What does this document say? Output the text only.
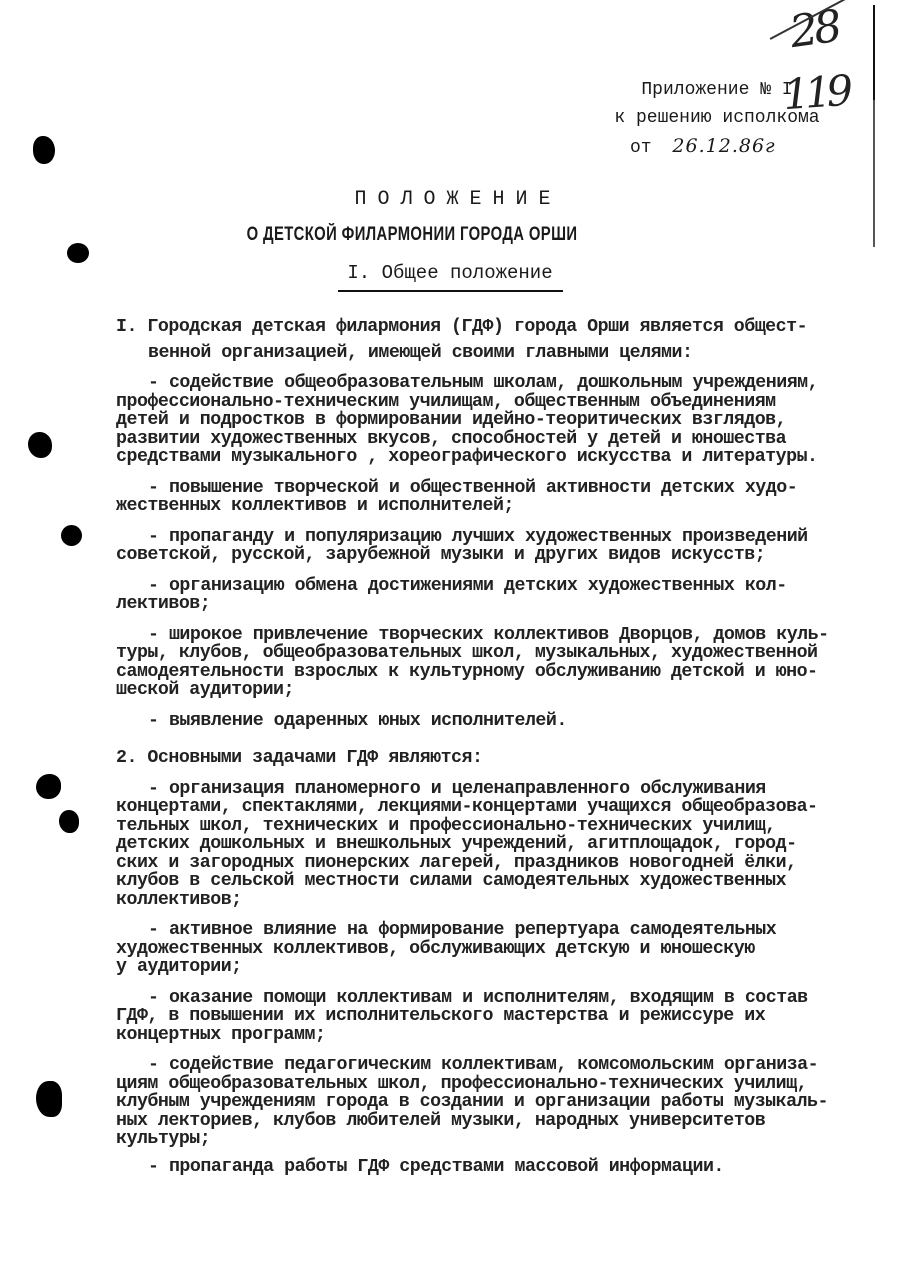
28
119
Приложение № I
к решению исполкома
от 26.12.86г
ПОЛОЖЕНИЕ
О ДЕТСКОЙ ФИЛАРМОНИИ ГОРОДА ОРШИ
I. Общее положение
I. Городская детская филармония (ГДФ) города Орши является общест-
венной организацией, имеющей своими главными целями:
- содействие общеобразовательным школам, дошкольным учреждениям,
профессионально-техническим училищам, общественным объединениям
детей и подростков в формировании идейно-теоритических взглядов,
развитии художественных вкусов, способностей у детей и юношества
средствами музыкального , хореографического искусства и литературы.
- повышение творческой и общественной активности детских худо-
жественных коллективов и исполнителей;
- пропаганду и популяризацию лучших художественных произведений
советской, русской, зарубежной музыки и других видов искусств;
- организацию обмена достижениями детских художественных кол-
лективов;
- широкое привлечение творческих коллективов Дворцов, домов куль-
туры, клубов, общеобразовательных школ, музыкальных, художественной
самодеятельности взрослых к культурному обслуживанию детской и юно-
шеской аудитории;
- выявление одаренных юных исполнителей.
2. Основными задачами ГДФ являются:
- организация планомерного и целенаправленного обслуживания
концертами, спектаклями, лекциями-концертами учащихся общеобразова-
тельных школ, технических и профессионально-технических училищ,
детских дошкольных и внешкольных учреждений, агитплощадок, город-
ских и загородных пионерских лагерей, праздников новогодней ёлки,
клубов в сельской местности силами самодеятельных художественных
коллективов;
- активное влияние на формирование репертуара самодеятельных
художественных коллективов, обслуживающих детскую и юношескую
у аудитории;
- оказание помощи коллективам и исполнителям, входящим в состав
ГДФ, в повышении их исполнительского мастерства и режиссуре их
концертных программ;
- содействие педагогическим коллективам, комсомольским организа-
циям общеобразовательных школ, профессионально-технических училищ,
клубным учреждениям города в создании и организации работы музыкаль-
ных лекториев, клубов любителей музыки, народных университетов
культуры;
- пропаганда работы ГДФ средствами массовой информации.
